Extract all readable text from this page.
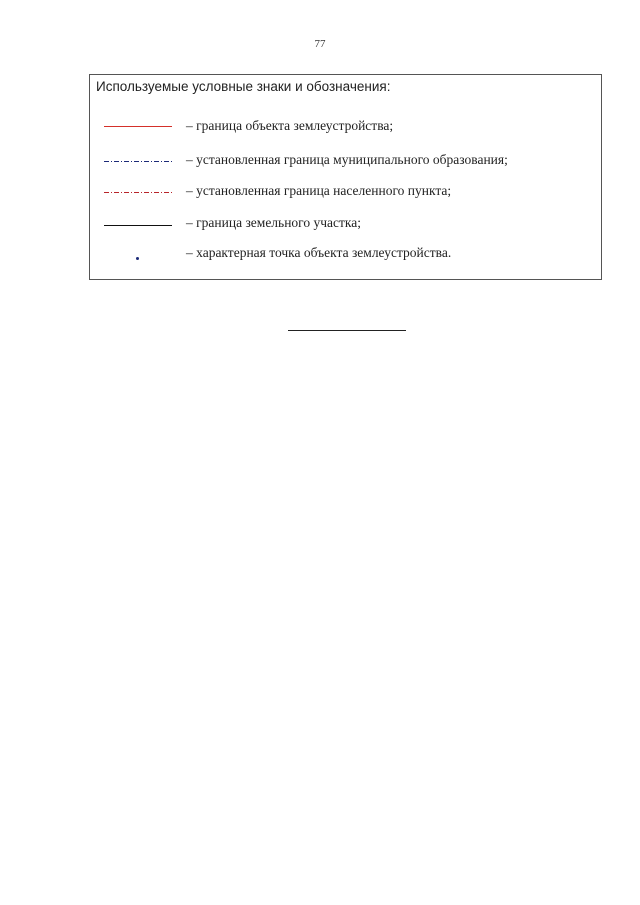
77
Используемые условные знаки и обозначения:
– граница объекта землеустройства;
– установленная граница муниципального образования;
– установленная граница населенного пункта;
– граница земельного участка;
– характерная точка объекта землеустройства.
